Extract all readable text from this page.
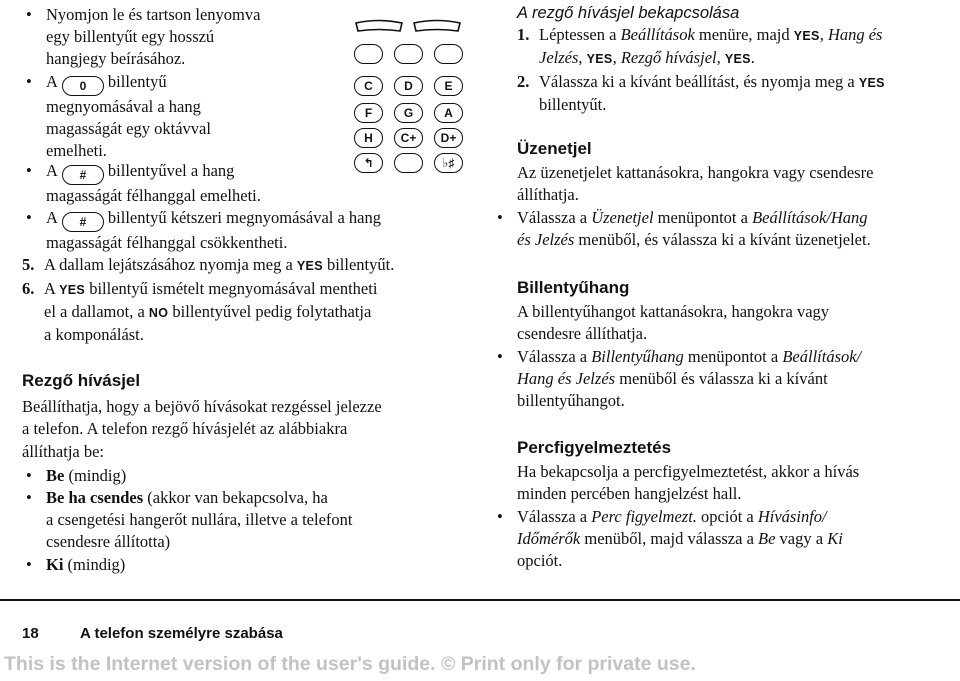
• Nyomjon le és tartson lenyomva
egy billentyűt egy hosszú
hangjegy beírásához.
• A 0 billentyű
megnyomásával a hang
magasságát egy oktávval
emelheti.
• A # billentyűvel a hang
magasságát félhanggal emelheti.
• A # billentyű kétszeri megnyomásával a hang
magasságát félhanggal csökkentheti.
5. A dallam lejátszásához nyomja meg a YES billentyűt.
6. A YES billentyű ismételt megnyomásával mentheti
el a dallamot, a NO billentyűvel pedig folytathatja
a komponálást.
Rezgő hívásjel
Beállíthatja, hogy a bejövő hívásokat rezgéssel jelezze
a telefon. A telefon rezgő hívásjelét az alábbiakra
állíthatja be:
• Be (mindig)
• Be ha csendes (akkor van bekapcsolva, ha
a csengetési hangerőt nullára, illetve a telefont
csendesre állította)
• Ki (mindig)
C	D	E
F	G	A
H	C+	D+
↰	♭♯
A rezgő hívásjel bekapcsolása
1. Léptessen a Beállítások menüre, majd YES, Hang és
Jelzés, YES, Rezgő hívásjel, YES.
2. Válassza ki a kívánt beállítást, és nyomja meg a YES
billentyűt.
Üzenetjel
Az üzenetjelet kattanásokra, hangokra vagy csendesre
állíthatja.
• Válassza a Üzenetjel menüpontot a Beállítások/Hang
és Jelzés menüből, és válassza ki a kívánt üzenetjelet.
Billentyűhang
A billentyűhangot kattanásokra, hangokra vagy
csendesre állíthatja.
• Válassza a Billentyűhang menüpontot a Beállítások/
Hang és Jelzés menüből és válassza ki a kívánt
billentyűhangot.
Percfigyelmeztetés
Ha bekapcsolja a percfigyelmeztetést, akkor a hívás
minden percében hangjelzést hall.
• Válassza a Perc figyelmezt. opciót a Hívásinfo/
Időmérők menüből, majd válassza a Be vagy a Ki
opciót.
18	A telefon személyre szabása
This is the Internet version of the user's guide. © Print only for private use.
